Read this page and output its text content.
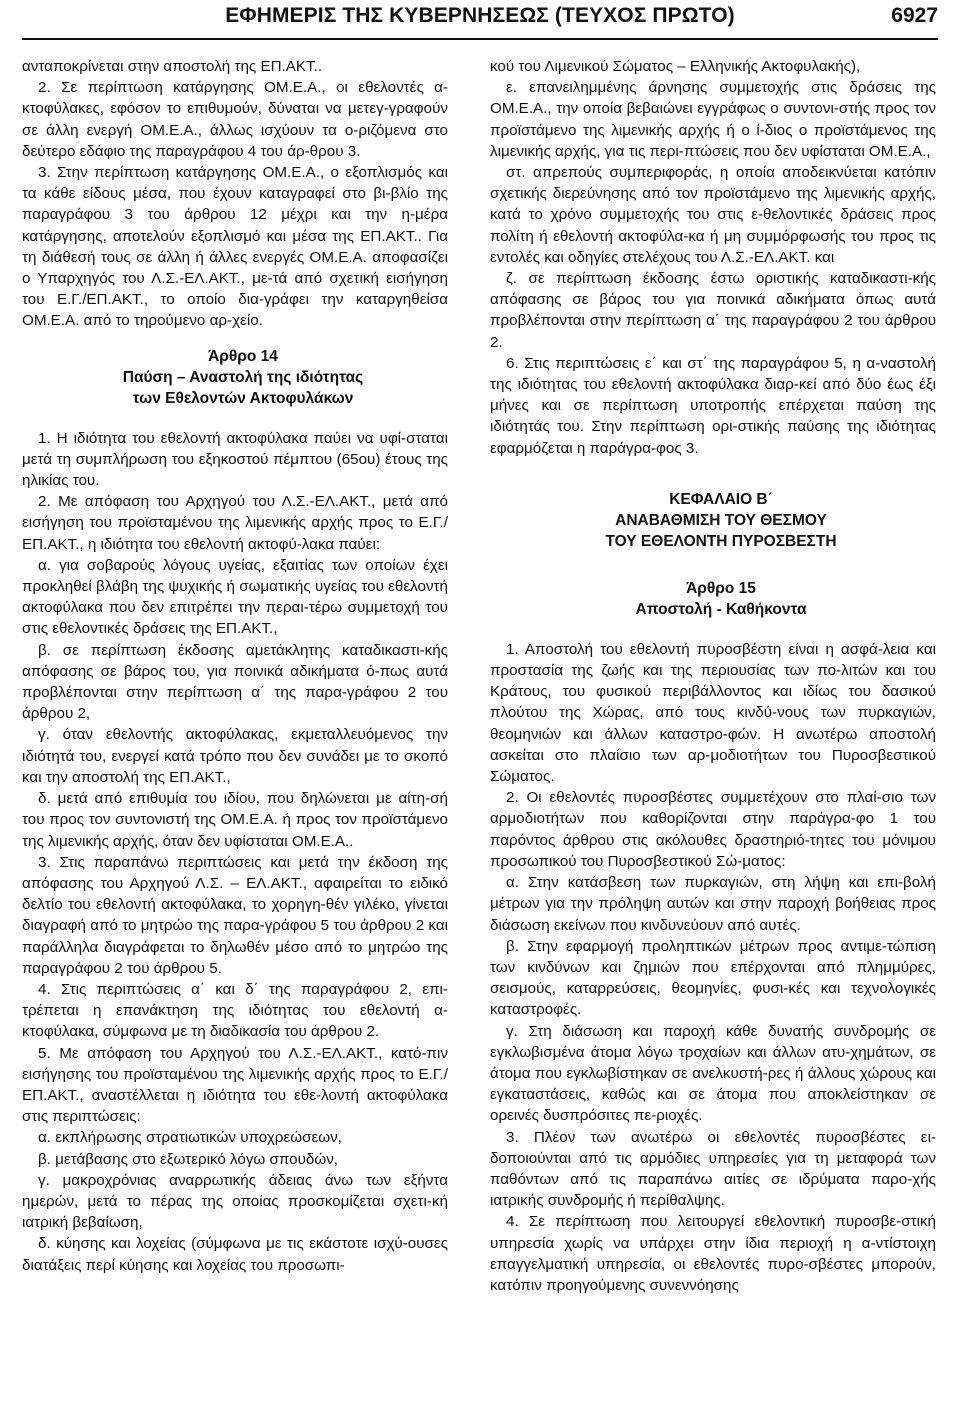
ΕΦΗΜΕΡΙΣ ΤΗΣ ΚΥΒΕΡΝΗΣΕΩΣ (ΤΕΥΧΟΣ ΠΡΩΤΟ)	6927

ανταποκρίνεται στην αποστολή της ΕΠ.ΑΚΤ..

2. Σε περίπτωση κατάργησης ΟΜ.Ε.Α., οι εθελοντές α-κτοφύλακες, εφόσον το επιθυμούν, δύναται να μετεγ-γραφούν σε άλλη ενεργή ΟΜ.Ε.Α., άλλως ισχύουν τα ο-ριζόμενα στο δεύτερο εδάφιο της παραγράφου 4 του άρ-θρου 3.

3. Στην περίπτωση κατάργησης ΟΜ.Ε.Α., ο εξοπλισμός και τα κάθε είδους μέσα, που έχουν καταγραφεί στο βι-βλίο της παραγράφου 3 του άρθρου 12 μέχρι και την η-μέρα κατάργησης, αποτελούν εξοπλισμό και μέσα της ΕΠ.ΑΚΤ.. Για τη διάθεσή τους σε άλλη ή άλλες ενεργές ΟΜ.Ε.Α. αποφασίζει ο Υπαρχηγός του Λ.Σ.-ΕΛ.ΑΚΤ., με-τά από σχετική εισήγηση του Ε.Γ./ΕΠ.ΑΚΤ., το οποίο δια-γράφει την καταργηθείσα ΟΜ.Ε.Α. από το τηρούμενο αρ-χείο.

Άρθρο 14

Παύση – Αναστολή της ιδιότητας

των Εθελοντών Ακτοφυλάκων

1. Η ιδιότητα του εθελοντή ακτοφύλακα παύει να υφί-σταται μετά τη συμπλήρωση του εξηκοστού πέμπτου (65ου) έτους της ηλικίας του.

2. Με απόφαση του Αρχηγού του Λ.Σ.-ΕΛ.ΑΚΤ., μετά από εισήγηση του προϊσταμένου της λιμενικής αρχής προς το Ε.Γ./ΕΠ.ΑΚΤ., η ιδιότητα του εθελοντή ακτοφύ-λακα παύει:

α. για σοβαρούς λόγους υγείας, εξαιτίας των οποίων έχει προκληθεί βλάβη της ψυχικής ή σωματικής υγείας του εθελοντή ακτοφύλακα που δεν επιτρέπει την περαι-τέρω συμμετοχή του στις εθελοντικές δράσεις της ΕΠ.ΑΚΤ.,

β. σε περίπτωση έκδοσης αμετάκλητης καταδικαστι-κής απόφασης σε βάρος του, για ποινικά αδικήματα ό-πως αυτά προβλέπονται στην περίπτωση α΄ της παρα-γράφου 2 του άρθρου 2,

γ. όταν εθελοντής ακτοφύλακας, εκμεταλλευόμενος την ιδιότητά του, ενεργεί κατά τρόπο που δεν συνάδει με το σκοπό και την αποστολή της ΕΠ.ΑΚΤ.,

δ. μετά από επιθυμία του ιδίου, που δηλώνεται με αίτη-σή του προς τον συντονιστή της ΟΜ.Ε.Α. ή προς τον προϊστάμενο της λιμενικής αρχής, όταν δεν υφίσταται ΟΜ.Ε.Α..

3. Στις παραπάνω περιπτώσεις και μετά την έκδοση της απόφασης του Αρχηγού Λ.Σ. – ΕΛ.ΑΚΤ., αφαιρείται το ειδικό δελτίο του εθελοντή ακτοφύλακα, το χορηγη-θέν γιλέκο, γίνεται διαγραφή από το μητρώο της παρα-γράφου 5 του άρθρου 2 και παράλληλα διαγράφεται το δηλωθέν μέσο από το μητρώο της παραγράφου 2 του άρθρου 5.

4. Στις περιπτώσεις α΄ και δ΄ της παραγράφου 2, επι-τρέπεται η επανάκτηση της ιδιότητας του εθελοντή α-κτοφύλακα, σύμφωνα με τη διαδικασία του άρθρου 2.

5. Με απόφαση του Αρχηγού του Λ.Σ.-ΕΛ.ΑΚΤ., κατό-πιν εισήγησης του προϊσταμένου της λιμενικής αρχής προς το Ε.Γ./ΕΠ.ΑΚΤ., αναστέλλεται η ιδιότητα του εθε-λοντή ακτοφύλακα στις περιπτώσεις:

α. εκπλήρωσης στρατιωτικών υποχρεώσεων,

β. μετάβασης στο εξωτερικό λόγω σπουδών,

γ. μακροχρόνιας αναρρωτικής άδειας άνω των εξήντα ημερών, μετά το πέρας της οποίας προσκομίζεται σχετι-κή ιατρική βεβαίωση,

δ. κύησης και λοχείας (σύμφωνα με τις εκάστοτε ισχύ-ουσες διατάξεις περί κύησης και λοχείας του προσωπι-

κού του Λιμενικού Σώματος – Ελληνικής Ακτοφυλακής),

ε. επανειλημμένης άρνησης συμμετοχής στις δράσεις της ΟΜ.Ε.Α., την οποία βεβαιώνει εγγράφως ο συντονι-στής προς τον προϊστάμενο της λιμενικής αρχής ή ο ί-διος ο προϊστάμενος της λιμενικής αρχής, για τις περι-πτώσεις που δεν υφίσταται ΟΜ.Ε.Α.,

στ. απρεπούς συμπεριφοράς, η οποία αποδεικνύεται κατόπιν σχετικής διερεύνησης από τον προϊστάμενο της λιμενικής αρχής, κατά το χρόνο συμμετοχής του στις ε-θελοντικές δράσεις προς πολίτη ή εθελοντή ακτοφύλα-κα ή μη συμμόρφωσής του προς τις εντολές και οδηγίες στελέχους του Λ.Σ.-ΕΛ.ΑΚΤ. και

ζ. σε περίπτωση έκδοσης έστω οριστικής καταδικαστι-κής απόφασης σε βάρος του για ποινικά αδικήματα όπως αυτά προβλέπονται στην περίπτωση α΄ της παραγράφου 2 του άρθρου 2.

6. Στις περιπτώσεις ε΄ και στ΄ της παραγράφου 5, η α-ναστολή της ιδιότητας του εθελοντή ακτοφύλακα διαρ-κεί από δύο έως έξι μήνες και σε περίπτωση υποτροπής επέρχεται παύση της ιδιότητάς του. Στην περίπτωση ορι-στικής παύσης της ιδιότητας εφαρμόζεται η παράγρα-φος 3.

ΚΕΦΑΛΑΙΟ Β΄

ΑΝΑΒΑΘΜΙΣΗ ΤΟΥ ΘΕΣΜΟΥ

ΤΟΥ ΕΘΕΛΟΝΤΗ ΠΥΡΟΣΒΕΣΤΗ

Άρθρο 15

Αποστολή - Καθήκοντα

1. Αποστολή του εθελοντή πυροσβέστη είναι η ασφά-λεια και προστασία της ζωής και της περιουσίας των πο-λιτών και του Κράτους, του φυσικού περιβάλλοντος και ιδίως του δασικού πλούτου της Χώρας, από τους κινδύ-νους των πυρκαγιών, θεομηνιών και άλλων καταστρο-φών. Η ανωτέρω αποστολή ασκείται στο πλαίσιο των αρ-μοδιοτήτων του Πυροσβεστικού Σώματος.

2. Οι εθελοντές πυροσβέστες συμμετέχουν στο πλαί-σιο των αρμοδιοτήτων που καθορίζονται στην παράγρα-φο 1 του παρόντος άρθρου στις ακόλουθες δραστηριό-τητες του μόνιμου προσωπικού του Πυροσβεστικού Σώ-ματος:

α. Στην κατάσβεση των πυρκαγιών, στη λήψη και επι-βολή μέτρων για την πρόληψη αυτών και στην παροχή βοήθειας προς διάσωση εκείνων που κινδυνεύουν από αυτές.

β. Στην εφαρμογή προληπτικών μέτρων προς αντιμε-τώπιση των κινδύνων και ζημιών που επέρχονται από πλημμύρες, σεισμούς, καταρρεύσεις, θεομηνίες, φυσι-κές και τεχνολογικές καταστροφές.

γ. Στη διάσωση και παροχή κάθε δυνατής συνδρομής σε εγκλωβισμένα άτομα λόγω τροχαίων και άλλων ατυ-χημάτων, σε άτομα που εγκλωβίστηκαν σε ανελκυστή-ρες ή άλλους χώρους και εγκαταστάσεις, καθώς και σε άτομα που αποκλείστηκαν σε ορεινές δυσπρόσιτες πε-ριοχές.

3. Πλέον των ανωτέρω οι εθελοντές πυροσβέστες ει-δοποιούνται από τις αρμόδιες υπηρεσίες για τη μεταφορά των παθόντων από τις παραπάνω αιτίες σε ιδρύματα παρο-χής ιατρικής συνδρομής ή περίθαλψης.

4. Σε περίπτωση που λειτουργεί εθελοντική πυροσβε-στική υπηρεσία χωρίς να υπάρχει στην ίδια περιοχή η α-ντίστοιχη επαγγελματική υπηρεσία, οι εθελοντές πυρο-σβέστες μπορούν, κατόπιν προηγούμενης συνεννόησης
